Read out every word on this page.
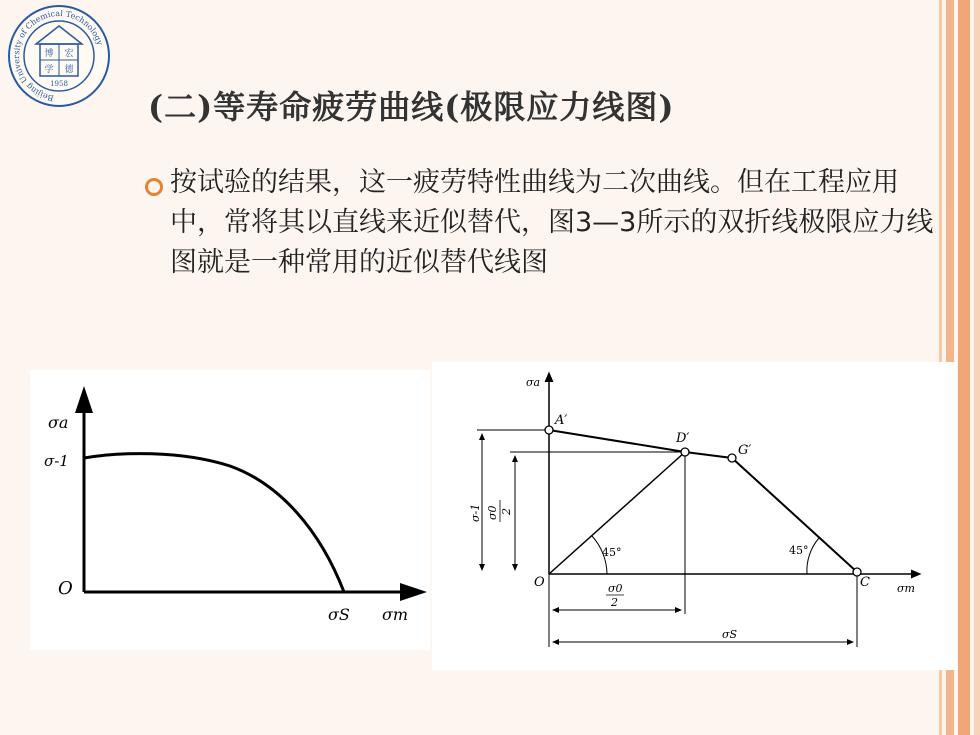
Beijing University of Chemical Technology
博 宏
学 德
1958
(二)等寿命疲劳曲线(极限应力线图)
按试验的结果，这一疲劳特性曲线为二次曲线。但在工程应用中，常将其以直线来近似替代，图3—3所示的双折线极限应力线图就是一种常用的近似替代线图
σa
σ-1
O
σS σm
σa
A′
D′
G′
O	C σm
45°	45°
σ-1 σ0 2
σ0
2
σS
